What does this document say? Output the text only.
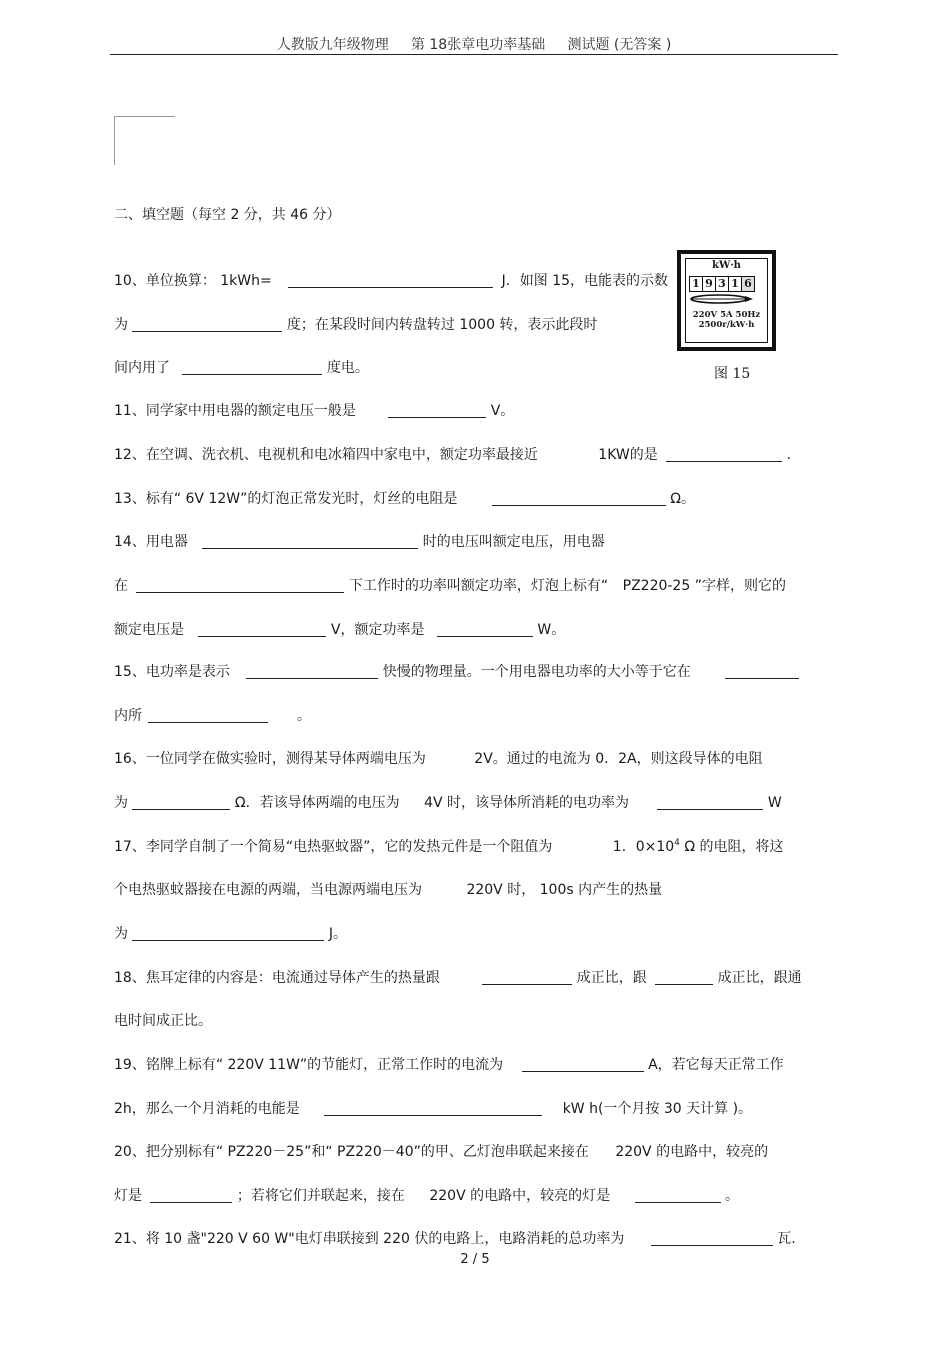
人教版九年级物理     第 18张章电功率基础     测试题 (无答案 )
二、填空题（每空 2 分，共 46 分）
10、单位换算： 1kWh=	J．如图 15，电能表的示数
为	度；在某段时间内转盘转过 1000 转，表示此段时
间内用了	度电。
kW·h
1 9 3 1 6
220V 5A 50Hz
2500r/kW·h
图 15
11、同学家中用电器的额定电压一般是	V。
12、在空调、洗衣机、电视机和电冰箱四中家电中，额定功率最接近	1KW的是	.
13、标有“ 6V 12W”的灯泡正常发光时，灯丝的电阻是	Ω。
14、用电器	时的电压叫额定电压，用电器
在	下工作时的功率叫额定功率，灯泡上标有“ PZ220-25 ”字样，则它的
额定电压是	V，额定功率是	W。
15、电功率是表示	快慢的物理量。一个用电器电功率的大小等于它在
内所	。
16、一位同学在做实验时，测得某导体两端电压为	2V。通过的电流为 0．2A，则这段导体的电阻
为	Ω．若该导体两端的电压为 4V 时，该导体所消耗的电功率为	W
17、李同学自制了一个简易“电热驱蚊器”，它的发热元件是一个阻值为	1．$0\times 10^4$ Ω 的电阻，将这
个电热驱蚊器接在电源的两端，当电源两端电压为	220V 时， 100s 内产生的热量
为	J。
18、焦耳定律的内容是：电流通过导体产生的热量跟	成正比，跟	成正比，跟通
电时间成正比。
19、铭牌上标有“ 220V 11W”的节能灯，正常工作时的电流为	A，若它每天正常工作
2h，那么一个月消耗的电能是	kW h(一个月按 30 天计算 )。
20、把分别标有“ PZ220－25”和“ PZ220－40”的甲、乙灯泡串联起来接在 220V 的电路中，较亮的
灯是	；若将它们并联起来，接在 220V 的电路中，较亮的灯是	。
21、将 10 盏"220 V 60 W"电灯串联接到 220 伏的电路上，电路消耗的总功率为	瓦.
2 / 5
